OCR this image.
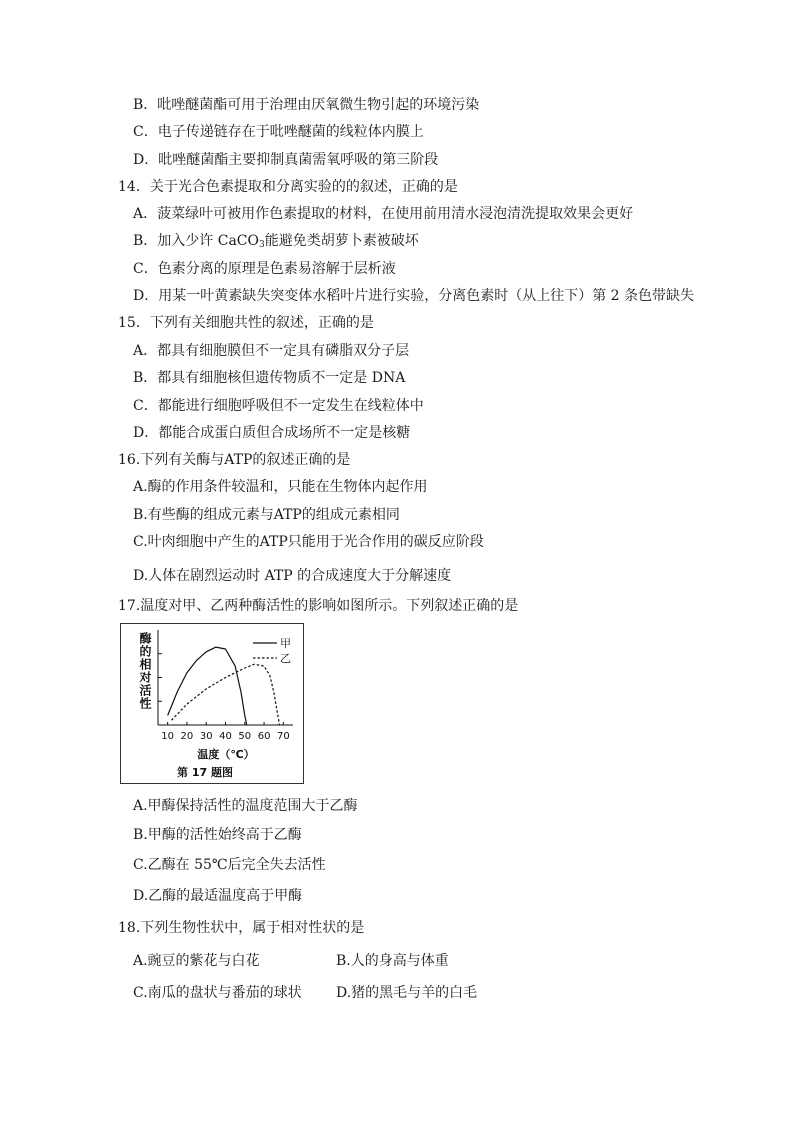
B．吡唑醚菌酯可用于治理由厌氧微生物引起的环境污染
C．电子传递链存在于吡唑醚菌的线粒体内膜上
D．吡唑醚菌酯主要抑制真菌需氧呼吸的第三阶段
14．关于光合色素提取和分离实验的的叙述，正确的是
A．菠菜绿叶可被用作色素提取的材料，在使用前用清水浸泡清洗提取效果会更好
B．加入少许 CaCO$_3$能避免类胡萝卜素被破坏
C．色素分离的原理是色素易溶解于层析液
D．用某一叶黄素缺失突变体水稻叶片进行实验，分离色素时（从上往下）第 2 条色带缺失
15．下列有关细胞共性的叙述，正确的是
A．都具有细胞膜但不一定具有磷脂双分子层
B．都具有细胞核但遗传物质不一定是 DNA
C．都能进行细胞呼吸但不一定发生在线粒体中
D．都能合成蛋白质但合成场所不一定是核糖
16.下列有关酶与ATP的叙述正确的是
A.酶的作用条件较温和，只能在生物体内起作用
B.有些酶的组成元素与ATP的组成元素相同
C.叶肉细胞中产生的ATP只能用于光合作用的碳反应阶段
D.人体在剧烈运动时 ATP 的合成速度大于分解速度
17.温度对甲、乙两种酶活性的影响如图所示。下列叙述正确的是
10 20 30 40 50 60 70
甲
乙
酶的相对活性
温度（℃）
第 17 题图
A.甲酶保持活性的温度范围大于乙酶
B.甲酶的活性始终高于乙酶
C.乙酶在 55℃后完全失去活性
D.乙酶的最适温度高于甲酶
18.下列生物性状中，属于相对性状的是
A.豌豆的紫花与白花	B.人的身高与体重
C.南瓜的盘状与番茄的球状 D.猪的黑毛与羊的白毛
